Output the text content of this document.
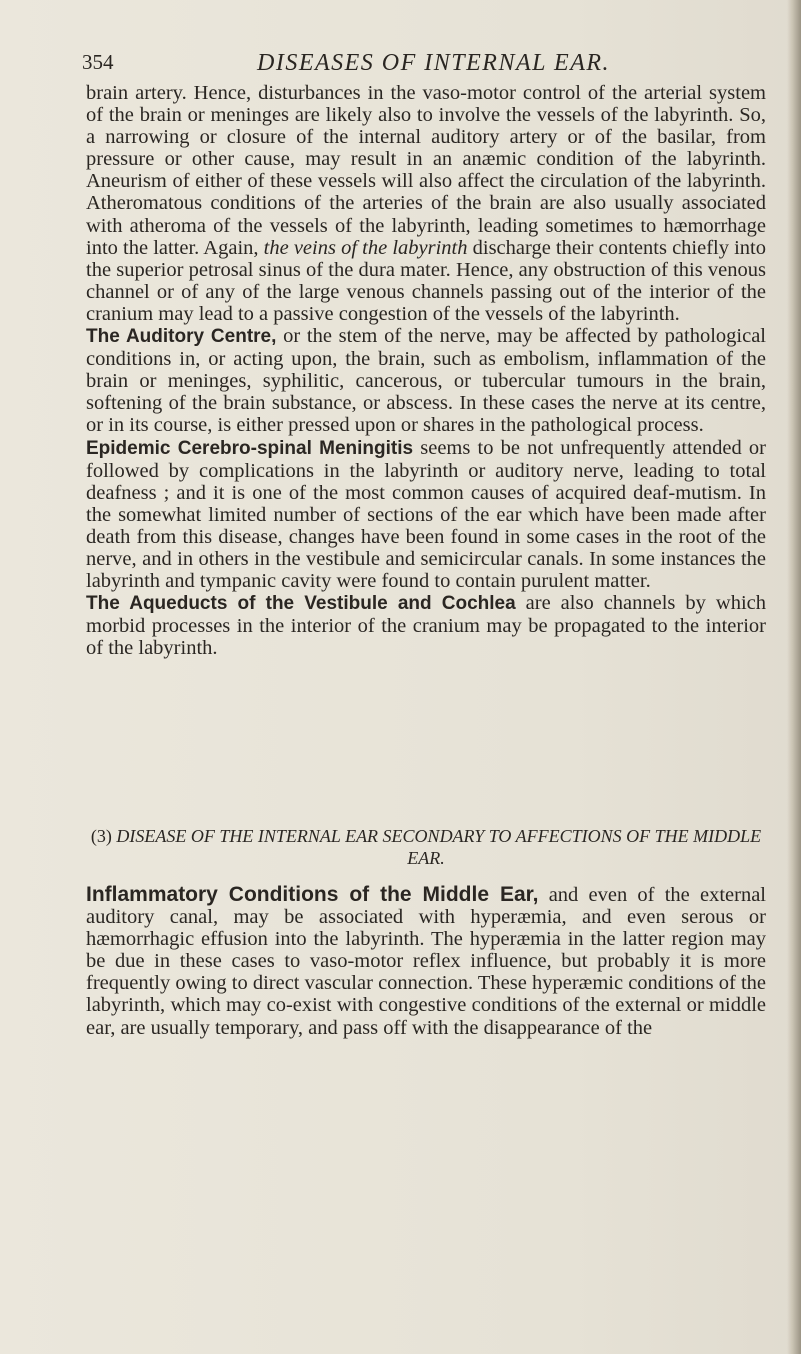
354	DISEASES OF INTERNAL EAR.

brain artery. Hence, disturbances in the vaso-motor control of the arterial system of the brain or meninges are likely also to involve the vessels of the labyrinth. So, a narrowing or closure of the internal auditory artery or of the basilar, from pressure or other cause, may result in an anæmic condition of the labyrinth. Aneurism of either of these vessels will also affect the circulation of the labyrinth. Atheromatous conditions of the arteries of the brain are also usually associated with atheroma of the vessels of the labyrinth, leading sometimes to hæmorrhage into the latter. Again, the veins of the labyrinth discharge their contents chiefly into the superior petrosal sinus of the dura mater. Hence, any obstruction of this venous channel or of any of the large venous channels passing out of the interior of the cranium may lead to a passive congestion of the vessels of the labyrinth.

The Auditory Centre, or the stem of the nerve, may be affected by pathological conditions in, or acting upon, the brain, such as embolism, inflammation of the brain or meninges, syphilitic, cancerous, or tubercular tumours in the brain, softening of the brain substance, or abscess. In these cases the nerve at its centre, or in its course, is either pressed upon or shares in the pathological process.

Epidemic Cerebro-spinal Meningitis seems to be not unfrequently attended or followed by complications in the labyrinth or auditory nerve, leading to total deafness ; and it is one of the most common causes of acquired deaf-mutism. In the somewhat limited number of sections of the ear which have been made after death from this disease, changes have been found in some cases in the root of the nerve, and in others in the vestibule and semicircular canals. In some instances the labyrinth and tympanic cavity were found to contain purulent matter.

The Aqueducts of the Vestibule and Cochlea are also channels by which morbid processes in the interior of the cranium may be propagated to the interior of the labyrinth.

(3) DISEASE OF THE INTERNAL EAR SECONDARY TO AFFECTIONS OF THE MIDDLE EAR.

Inflammatory Conditions of the Middle Ear, and even of the external auditory canal, may be associated with hyperæmia, and even serous or hæmorrhagic effusion into the labyrinth. The hyperæmia in the latter region may be due in these cases to vaso-motor reflex influence, but probably it is more frequently owing to direct vascular connection. These hyperæmic conditions of the labyrinth, which may co-exist with congestive conditions of the external or middle ear, are usually temporary, and pass off with the disappearance of the
